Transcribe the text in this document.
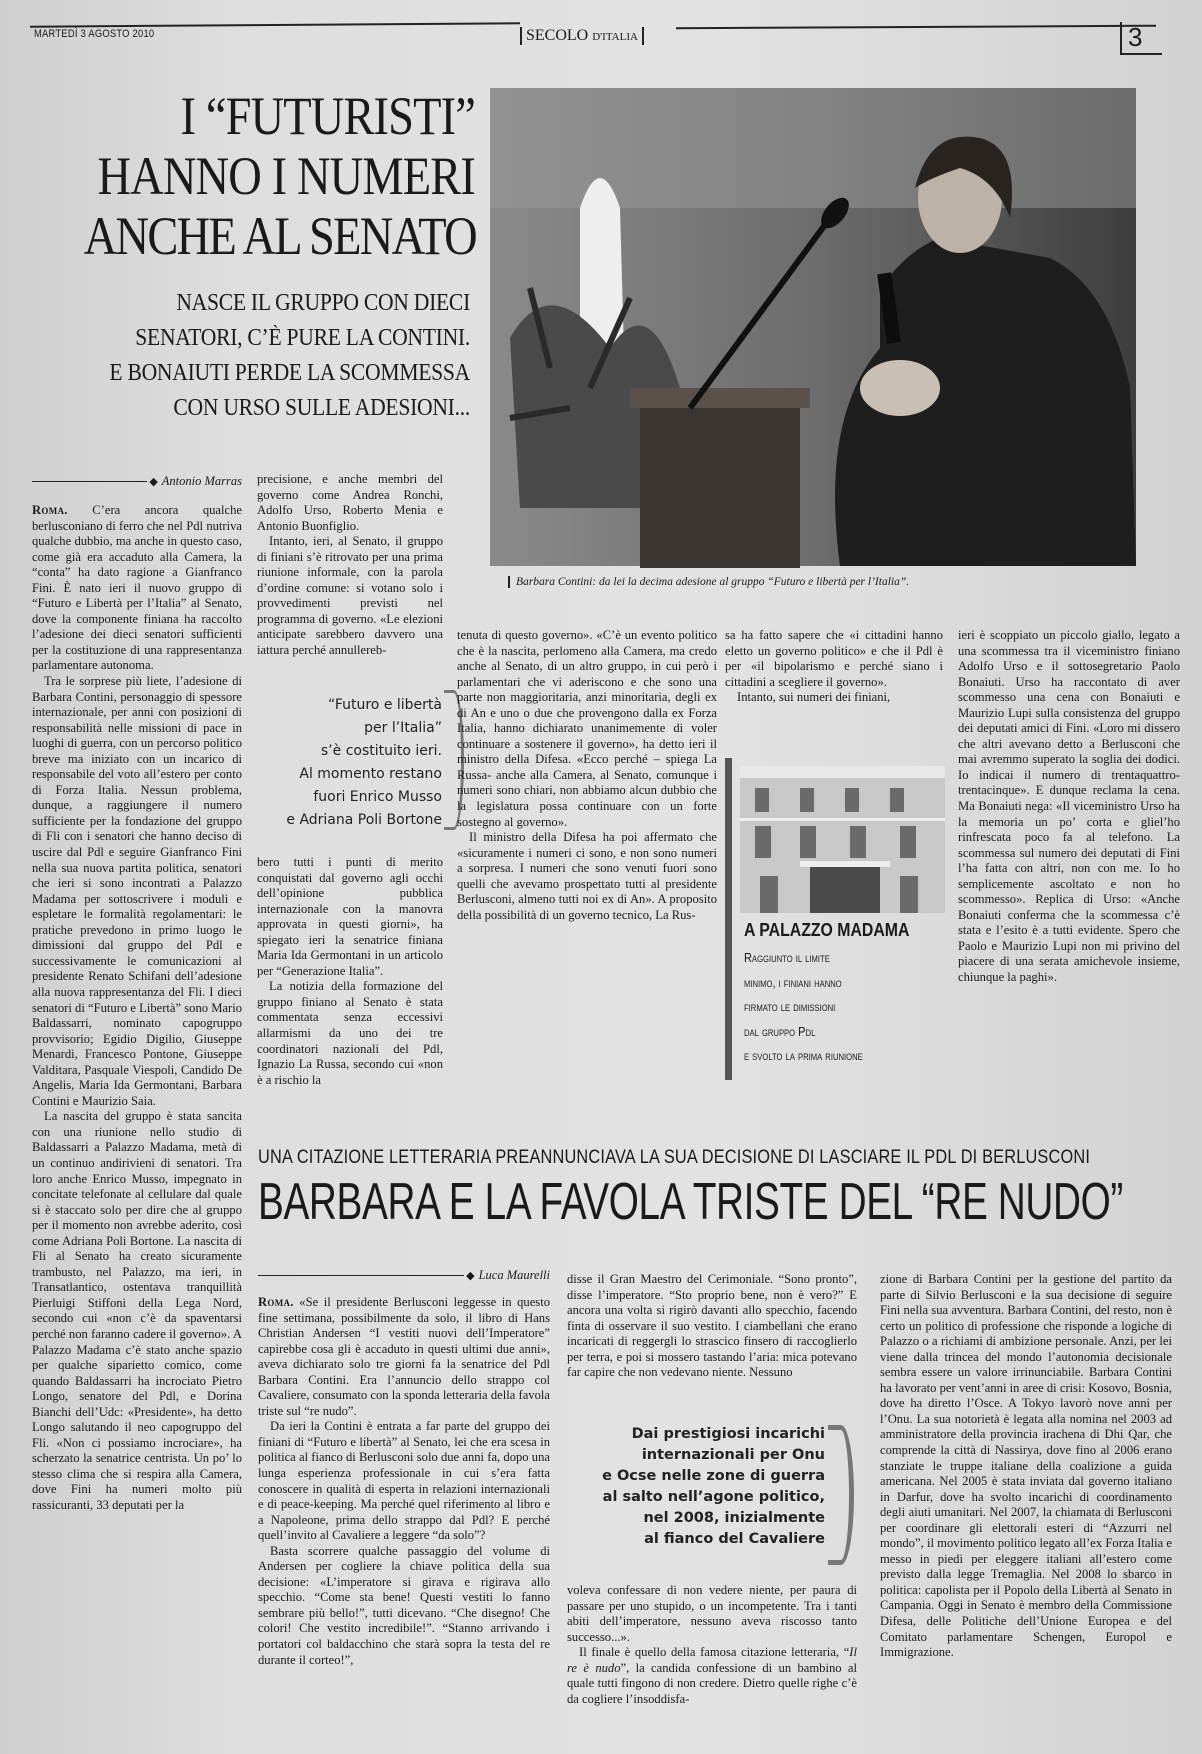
MARTEDÌ 3 AGOSTO 2010	SECOLO D'ITALIA	3
I “FUTURISTI”
HANNO I NUMERI
ANCHE AL SENATO
NASCE IL GRUPPO CON DIECI
SENATORI, C’È PURE LA CONTINI.
E BONAIUTI PERDE LA SCOMMESSA
CON URSO SULLE ADESIONI...
Barbara Contini: da lei la decima adesione al gruppo “Futuro e libertà per l’Italia”.
◆ Antonio Marras

Roma. C’era ancora qualche berlusconiano di ferro che nel Pdl nutriva qualche dubbio, ma anche in questo caso, come già era accaduto alla Camera, la “conta” ha dato ragione a Gianfranco Fini. È nato ieri il nuovo gruppo di “Futuro e Libertà per l’Italia” al Senato, dove la componente finiana ha raccolto l’adesione dei dieci senatori sufficienti per la costituzione di una rappresentanza parlamentare autonoma.

Tra le sorprese più liete, l’adesione di Barbara Contini, personaggio di spessore internazionale, per anni con posizioni di responsabilità nelle missioni di pace in luoghi di guerra, con un percorso politico breve ma iniziato con un incarico di responsabile del voto all’estero per conto di Forza Italia. Nessun problema, dunque, a raggiungere il numero sufficiente per la fondazione del gruppo di Fli con i senatori che hanno deciso di uscire dal Pdl e seguire Gianfranco Fini nella sua nuova partita politica, senatori che ieri si sono incontrati a Palazzo Madama per sottoscrivere i moduli e espletare le formalità regolamentari: le pratiche prevedono in primo luogo le dimissioni dal gruppo del Pdl e successivamente le comunicazioni al presidente Renato Schifani dell’adesione alla nuova rappresentanza del Fli. I dieci senatori di “Futuro e Libertà” sono Mario Baldassarri, nominato capogruppo provvisorio; Egidio Digilio, Giuseppe Menardi, Francesco Pontone, Giuseppe Valditara, Pasquale Viespoli, Candido De Angelis, Maria Ida Germontani, Barbara Contini e Maurizio Saia.

La nascita del gruppo è stata sancita con una riunione nello studio di Baldassarri a Palazzo Madama, metà di un continuo andirivieni di senatori. Tra loro anche Enrico Musso, impegnato in concitate telefonate al cellulare dal quale si è staccato solo per dire che al gruppo per il momento non avrebbe aderito, così come Adriana Poli Bortone. La nascita di Fli al Senato ha creato sicuramente trambusto, nel Palazzo, ma ieri, in Transatlantico, ostentava tranquillità Pierluigi Stiffoni della Lega Nord, secondo cui «non c’è da spaventarsi perché non faranno cadere il governo». A Palazzo Madama c’è stato anche spazio per qualche siparietto comico, come quando Baldassarri ha incrociato Pietro Longo, senatore del Pdl, e Dorina Bianchi dell’Udc: «Presidente», ha detto Longo salutando il neo capogruppo del Fli. «Non ci possiamo incrociare», ha scherzato la senatrice centrista. Un po’ lo stesso clima che si respira alla Camera, dove Fini ha numeri molto più rassicuranti, 33 deputati per la

precisione, e anche membri del governo come Andrea Ronchi, Adolfo Urso, Roberto Menia e Antonio Buonfiglio.

Intanto, ieri, al Senato, il gruppo di finiani s’è ritrovato per una prima riunione informale, con la parola d’ordine comune: si votano solo i provvedimenti previsti nel programma di governo. «Le elezioni anticipate sarebbero davvero una iattura perché annullereb-

“Futuro e libertà
per l’Italia”
s’è costituito ieri.
Al momento restano
fuori Enrico Musso
e Adriana Poli Bortone

bero tutti i punti di merito conquistati dal governo agli occhi dell’opinione pubblica internazionale con la manovra approvata in questi giorni», ha spiegato ieri la senatrice finiana Maria Ida Germontani in un articolo per “Generazione Italia”.

La notizia della formazione del gruppo finiano al Senato è stata commentata senza eccessivi allarmismi da uno dei tre coordinatori nazionali del Pdl, Ignazio La Russa, secondo cui «non è a rischio la

tenuta di questo governo». «C’è un evento politico che è la nascita, perlomeno alla Camera, ma credo anche al Senato, di un altro gruppo, in cui però i parlamentari che vi aderiscono e che sono una parte non maggioritaria, anzi minoritaria, degli ex di An e uno o due che provengono dalla ex Forza Italia, hanno dichiarato unanimemente di voler continuare a sostenere il governo», ha detto ieri il ministro della Difesa. «Ecco perché – spiega La Russa- anche alla Camera, al Senato, comunque i numeri sono chiari, non abbiamo alcun dubbio che la legislatura possa continuare con un forte sostegno al governo».

Il ministro della Difesa ha poi affermato che «sicuramente i numeri ci sono, e non sono numeri a sorpresa. I numeri che sono venuti fuori sono quelli che avevamo prospettato tutti al presidente Berlusconi, almeno tutti noi ex di An». A proposito della possibilità di un governo tecnico, La Rus-

sa ha fatto sapere che «i cittadini hanno eletto un governo politico» e che il Pdl è per «il bipolarismo e perché siano i cittadini a scegliere il governo».

Intanto, sui numeri dei finiani,

A PALAZZO MADAMA
Raggiunto il limite
minimo, i finiani hanno
firmato le dimissioni
dal gruppo Pdl
e svolto la prima riunione

ieri è scoppiato un piccolo giallo, legato a una scommessa tra il viceministro finiano Adolfo Urso e il sottosegretario Paolo Bonaiuti. Urso ha raccontato di aver scommesso una cena con Bonaiuti e Maurizio Lupi sulla consistenza del gruppo dei deputati amici di Fini. «Loro mi dissero che altri avevano detto a Berlusconi che mai avremmo superato la soglia dei dodici. Io indicai il numero di trentaquattro-trentacinque». E dunque reclama la cena. Ma Bonaiuti nega: «Il viceministro Urso ha la memoria un po’ corta e gliel’ho rinfrescata poco fa al telefono. La scommessa sul numero dei deputati di Fini l’ha fatta con altri, non con me. Io ho semplicemente ascoltato e non ho scommesso». Replica di Urso: «Anche Bonaiuti conferma che la scommessa c’è stata e l’esito è a tutti evidente. Spero che Paolo e Maurizio Lupi non mi privino del piacere di una serata amichevole insieme, chiunque la paghi».

UNA CITAZIONE LETTERARIA PREANNUNCIAVA LA SUA DECISIONE DI LASCIARE IL PDL DI BERLUSCONI
BARBARA E LA FAVOLA TRISTE DEL “RE NUDO”
◆ Luca Maurelli

Roma. «Se il presidente Berlusconi leggesse in questo fine settimana, possibilmente da solo, il libro di Hans Christian Andersen “I vestiti nuovi dell’Imperatore” capirebbe cosa gli è accaduto in questi ultimi due anni», aveva dichiarato solo tre giorni fa la senatrice del Pdl Barbara Contini. Era l’annuncio dello strappo col Cavaliere, consumato con la sponda letteraria della favola triste sul “re nudo”.

Da ieri la Contini è entrata a far parte del gruppo dei finiani di “Futuro e libertà” al Senato, lei che era scesa in politica al fianco di Berlusconi solo due anni fa, dopo una lunga esperienza professionale in cui s’era fatta conoscere in qualità di esperta in relazioni internazionali e di peace-keeping. Ma perché quel riferimento al libro e a Napoleone, prima dello strappo dal Pdl? E perché quell’invito al Cavaliere a leggere “da solo”?

Basta scorrere qualche passaggio del volume di Andersen per cogliere la chiave politica della sua decisione: «L’imperatore si girava e rigirava allo specchio. “Come sta bene! Questi vestiti lo fanno sembrare più bello!”, tutti dicevano. “Che disegno! Che colori! Che vestito incredibile!”. “Stanno arrivando i portatori col baldacchino che starà sopra la testa del re durante il corteo!”,

disse il Gran Maestro del Cerimoniale. “Sono pronto”, disse l’imperatore. “Sto proprio bene, non è vero?” E ancora una volta si rigirò davanti allo specchio, facendo finta di osservare il suo vestito. I ciambellani che erano incaricati di reggergli lo strascico finsero di raccoglierlo per terra, e poi si mossero tastando l’aria: mica potevano far capire che non vedevano niente. Nessuno

Dai prestigiosi incarichi
internazionali per Onu
e Ocse nelle zone di guerra
al salto nell’agone politico,
nel 2008, inizialmente
al fianco del Cavaliere

voleva confessare di non vedere niente, per paura di passare per uno stupido, o un incompetente. Tra i tanti abiti dell’imperatore, nessuno aveva riscosso tanto successo...».

Il finale è quello della famosa citazione letteraria, “Il re è nudo”, la candida confessione di un bambino al quale tutti fingono di non credere. Dietro quelle righe c’è da cogliere l’insoddisfa-

zione di Barbara Contini per la gestione del partito da parte di Silvio Berlusconi e la sua decisione di seguire Fini nella sua avventura. Barbara Contini, del resto, non è certo un politico di professione che risponde a logiche di Palazzo o a richiami di ambizione personale. Anzi, per lei viene dalla trincea del mondo l’autonomia decisionale sembra essere un valore irrinunciabile. Barbara Contini ha lavorato per vent’anni in aree di crisi: Kosovo, Bosnia, dove ha diretto l’Osce. A Tokyo lavorò nove anni per l’Onu. La sua notorietà è legata alla nomina nel 2003 ad amministratore della provincia irachena di Dhi Qar, che comprende la città di Nassirya, dove fino al 2006 erano stanziate le truppe italiane della coalizione a guida americana. Nel 2005 è stata inviata dal governo italiano in Darfur, dove ha svolto incarichi di coordinamento degli aiuti umanitari. Nel 2007, la chiamata di Berlusconi per coordinare gli elettorali esteri di “Azzurri nel mondo”, il movimento politico legato all’ex Forza Italia e messo in piedi per eleggere italiani all’estero come previsto dalla legge Tremaglia. Nel 2008 lo sbarco in politica: capolista per il Popolo della Libertà al Senato in Campania. Oggi in Senato è membro della Commissione Difesa, delle Politiche dell’Unione Europea e del Comitato parlamentare Schengen, Europol e Immigrazione.
